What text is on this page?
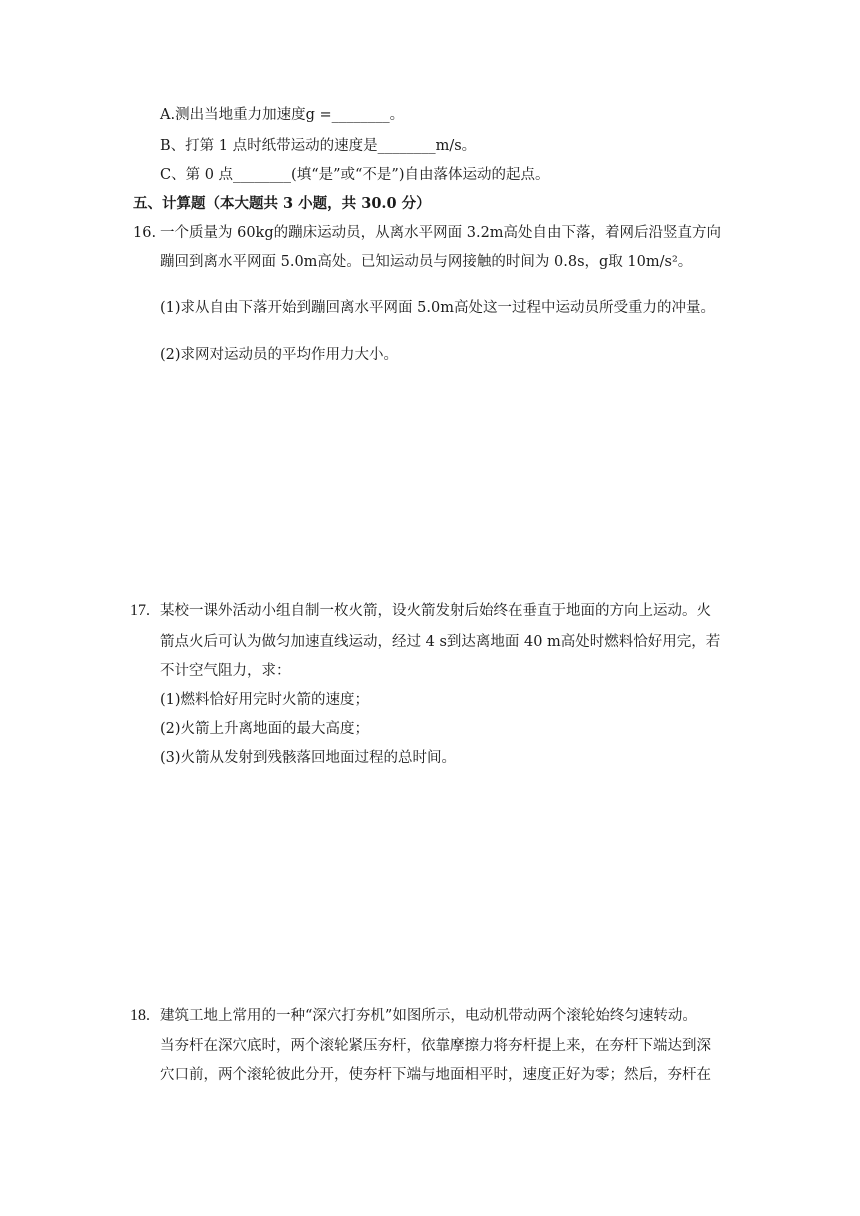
A.测出当地重力加速度g =________。
B、打第 1 点时纸带运动的速度是________m/s。
C、第 0 点________(填“是”或“不是”)自由落体运动的起点。
五、计算题（本大题共 3 小题，共 30.0 分）
16. 一个质量为 60kg的蹦床运动员，从离水平网面 3.2m高处自由下落，着网后沿竖直方向
蹦回到离水平网面 5.0m高处。已知运动员与网接触的时间为 0.8s，g取 10m/s²。
(1)求从自由下落开始到蹦回离水平网面 5.0m高处这一过程中运动员所受重力的冲量。
(2)求网对运动员的平均作用力大小。
17. 某校一课外活动小组自制一枚火箭，设火箭发射后始终在垂直于地面的方向上运动。火
箭点火后可认为做匀加速直线运动，经过 4 s到达离地面 40 m高处时燃料恰好用完，若
不计空气阻力，求：
(1)燃料恰好用完时火箭的速度；
(2)火箭上升离地面的最大高度；
(3)火箭从发射到残骸落回地面过程的总时间。
18. 建筑工地上常用的一种“深穴打夯机”如图所示，电动机带动两个滚轮始终匀速转动。
当夯杆在深穴底时，两个滚轮紧压夯杆，依靠摩擦力将夯杆提上来，在夯杆下端达到深
穴口前，两个滚轮彼此分开，使夯杆下端与地面相平时，速度正好为零；然后，夯杆在
